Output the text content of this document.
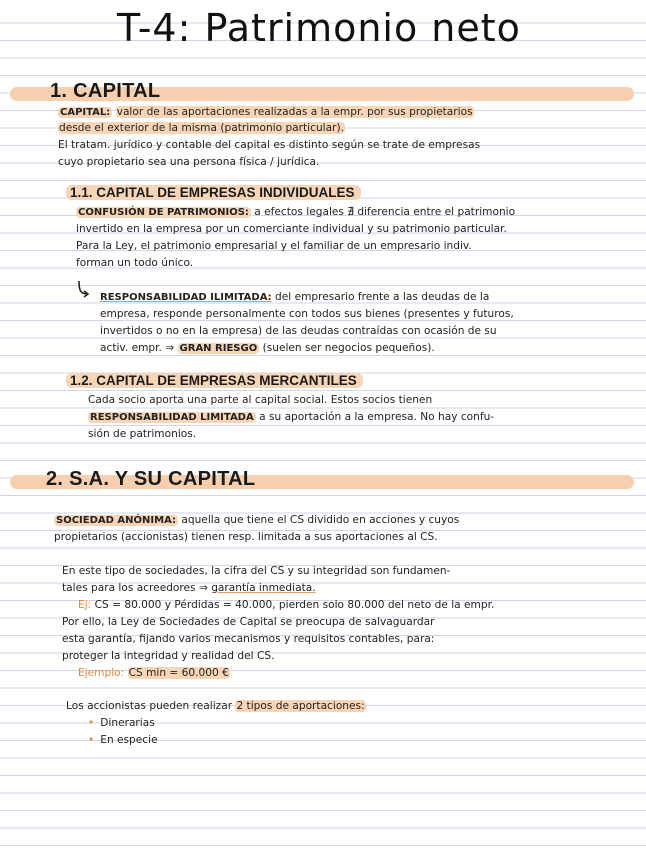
T-4: Patrimonio neto
1. CAPITAL
CAPITAL: valor de las aportaciones realizadas a la empr. por sus propietarios
desde el exterior de la misma (patrimonio particular).
El tratam. jurídico y contable del capital es distinto según se trate de empresas
cuyo propietario sea una persona física / jurídica.
1.1. CAPITAL DE EMPRESAS INDIVIDUALES
CONFUSIÓN DE PATRIMONIOS: a efectos legales ∄ diferencia entre el patrimonio
invertido en la empresa por un comerciante individual y su patrimonio particular.
Para la Ley, el patrimonio empresarial y el familiar de un empresario indiv.
forman un todo único.
RESPONSABILIDAD ILIMITADA: del empresario frente a las deudas de la
empresa, responde personalmente con todos sus bienes (presentes y futuros,
invertidos o no en la empresa) de las deudas contraídas con ocasión de su
activ. empr. ⇒ GRAN RIESGO (suelen ser negocios pequeños).
1.2. CAPITAL DE EMPRESAS MERCANTILES
Cada socio aporta una parte al capital social. Estos socios tienen
RESPONSABILIDAD LIMITADA a su aportación a la empresa. No hay confu-
sión de patrimonios.
2. S.A. Y SU CAPITAL
SOCIEDAD ANÓNIMA: aquella que tiene el CS dividido en acciones y cuyos
propietarios (accionistas) tienen resp. limitada a sus aportaciones al CS.
En este tipo de sociedades, la cifra del CS y su integridad son fundamen-
tales para los acreedores ⇒ garantía inmediata.
Ej: CS = 80.000 y Pérdidas = 40.000, pierden solo 80.000 del neto de la empr.
Por ello, la Ley de Sociedades de Capital se preocupa de salvaguardar
esta garantía, fijando varios mecanismos y requisitos contables, para:
proteger la integridad y realidad del CS.
Ejemplo: CS min = 60.000 €
Los accionistas pueden realizar 2 tipos de aportaciones:
• Dinerarias
• En especie
